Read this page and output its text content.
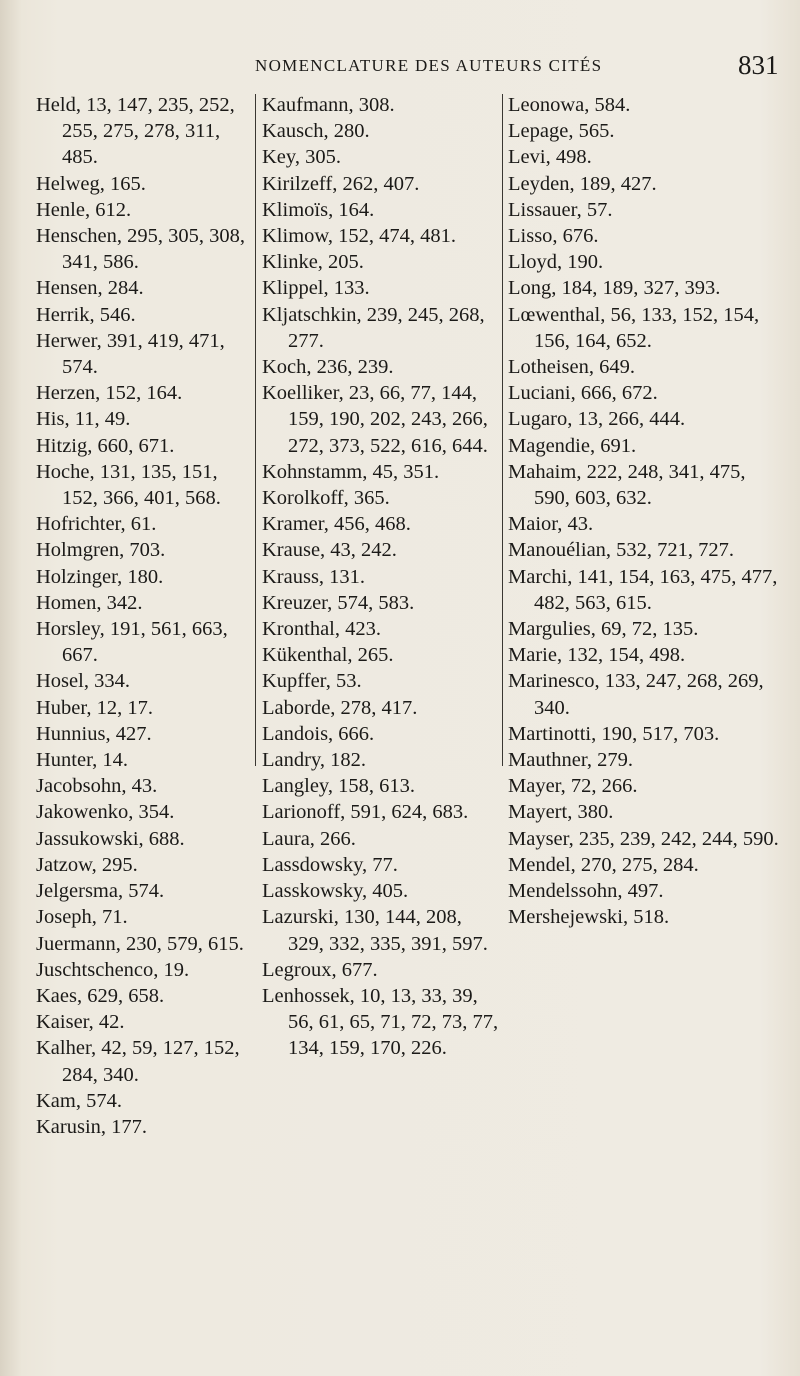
NOMENCLATURE DES AUTEURS CITÉS	831
Held, 13, 147, 235, 252, 255, 275, 278, 311, 485.
Helweg, 165.
Henle, 612.
Henschen, 295, 305, 308, 341, 586.
Hensen, 284.
Herrik, 546.
Herwer, 391, 419, 471, 574.
Herzen, 152, 164.
His, 11, 49.
Hitzig, 660, 671.
Hoche, 131, 135, 151, 152, 366, 401, 568.
Hofrichter, 61.
Holmgren, 703.
Holzinger, 180.
Homen, 342.
Horsley, 191, 561, 663, 667.
Hosel, 334.
Huber, 12, 17.
Hunnius, 427.
Hunter, 14.
Jacobsohn, 43.
Jakowenko, 354.
Jassukowski, 688.
Jatzow, 295.
Jelgersma, 574.
Joseph, 71.
Juermann, 230, 579, 615.
Juschtschenco, 19.
Kaes, 629, 658.
Kaiser, 42.
Kalher, 42, 59, 127, 152, 284, 340.
Kam, 574.
Karusin, 177.
Kaufmann, 308.
Kausch, 280.
Key, 305.
Kirilzeff, 262, 407.
Klimoïs, 164.
Klimow, 152, 474, 481.
Klinke, 205.
Klippel, 133.
Kljatschkin, 239, 245, 268, 277.
Koch, 236, 239.
Koelliker, 23, 66, 77, 144, 159, 190, 202, 243, 266, 272, 373, 522, 616, 644.
Kohnstamm, 45, 351.
Korolkoff, 365.
Kramer, 456, 468.
Krause, 43, 242.
Krauss, 131.
Kreuzer, 574, 583.
Kronthal, 423.
Kükenthal, 265.
Kupffer, 53.
Laborde, 278, 417.
Landois, 666.
Landry, 182.
Langley, 158, 613.
Larionoff, 591, 624, 683.
Laura, 266.
Lassdowsky, 77.
Lasskowsky, 405.
Lazurski, 130, 144, 208, 329, 332, 335, 391, 597.
Legroux, 677.
Lenhossek, 10, 13, 33, 39, 56, 61, 65, 71, 72, 73, 77, 134, 159, 170, 226.
Leonowa, 584.
Lepage, 565.
Levi, 498.
Leyden, 189, 427.
Lissauer, 57.
Lisso, 676.
Lloyd, 190.
Long, 184, 189, 327, 393.
Lœwenthal, 56, 133, 152, 154, 156, 164, 652.
Lotheisen, 649.
Luciani, 666, 672.
Lugaro, 13, 266, 444.
Magendie, 691.
Mahaim, 222, 248, 341, 475, 590, 603, 632.
Maior, 43.
Manouélian, 532, 721, 727.
Marchi, 141, 154, 163, 475, 477, 482, 563, 615.
Margulies, 69, 72, 135.
Marie, 132, 154, 498.
Marinesco, 133, 247, 268, 269, 340.
Martinotti, 190, 517, 703.
Mauthner, 279.
Mayer, 72, 266.
Mayert, 380.
Mayser, 235, 239, 242, 244, 590.
Mendel, 270, 275, 284.
Mendelssohn, 497.
Mershejewski, 518.
